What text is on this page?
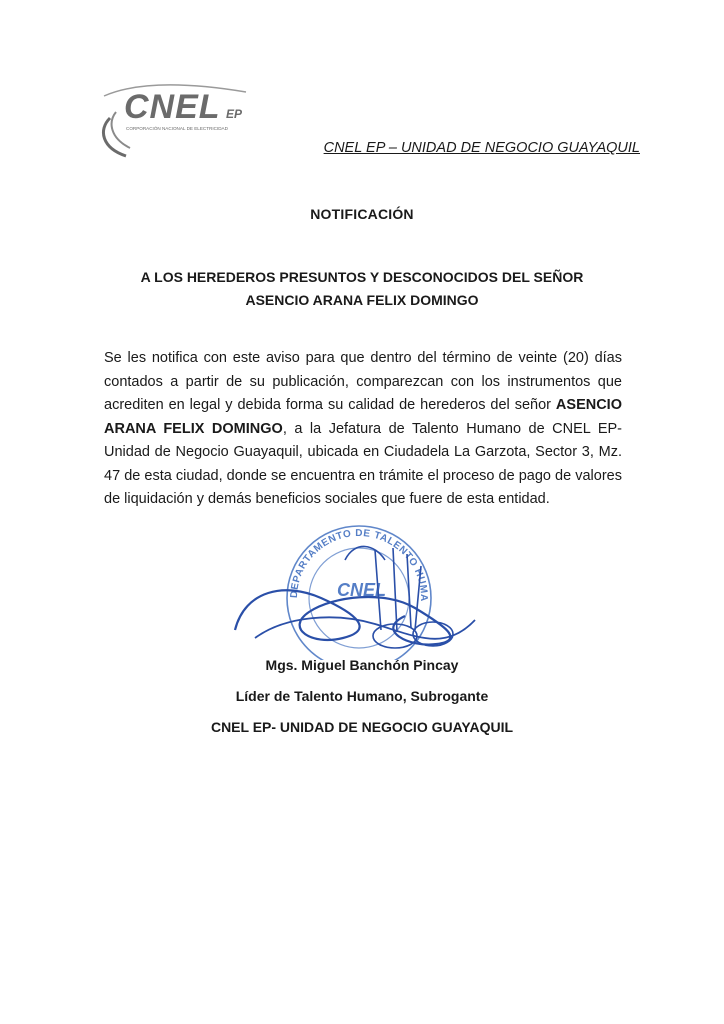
CNEL EP
CORPORACIÓN NACIONAL DE ELECTRICIDAD
CNEL EP – UNIDAD DE NEGOCIO GUAYAQUIL
NOTIFICACIÓN
A LOS HEREDEROS PRESUNTOS Y DESCONOCIDOS DEL SEÑOR
ASENCIO ARANA FELIX DOMINGO
Se les notifica con este aviso para que dentro del término de veinte (20) días contados a partir de su publicación, comparezcan con los instrumentos que acrediten en legal y debida forma su calidad de herederos del señor ASENCIO ARANA FELIX DOMINGO, a la Jefatura de Talento Humano de CNEL EP-Unidad de Negocio Guayaquil, ubicada en Ciudadela La Garzota, Sector 3, Mz. 47 de esta ciudad, donde se encuentra en trámite el proceso de pago de valores de liquidación y demás beneficios sociales que fuere de esta entidad.
DEPARTAMENTO DE TALENTO HUMA
CNEL
Mgs. Miguel Banchón Pincay
Líder de Talento Humano, Subrogante
CNEL EP- UNIDAD DE NEGOCIO GUAYAQUIL
